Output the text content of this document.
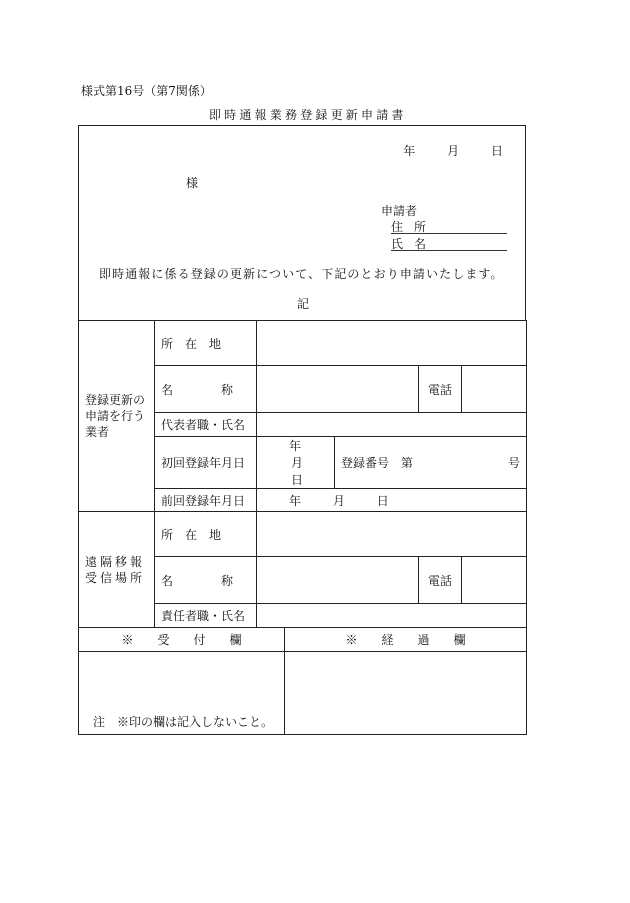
様式第16号（第7関係）
即時通報業務登録更新申請書
年	月	日
様
申請者
住所
氏名
即時通報に係る登録の更新について、下記のとおり申請いたします。
記
登録更新の
申請を行う
業者	所　在　地					
	名　　　　称				電話	
	代表者職・氏名					
	初回登録年月日	年 月 日		登録番号 第 号		

	前回登録年月日	年 月 日				

遠隔移報
受信場所	所　在　地					
	名　　　　称				電話	
	責任者職・氏名					
※　　受　　付　　欄			※　　経　　過　　欄			

注　※印の欄は記入しないこと。
